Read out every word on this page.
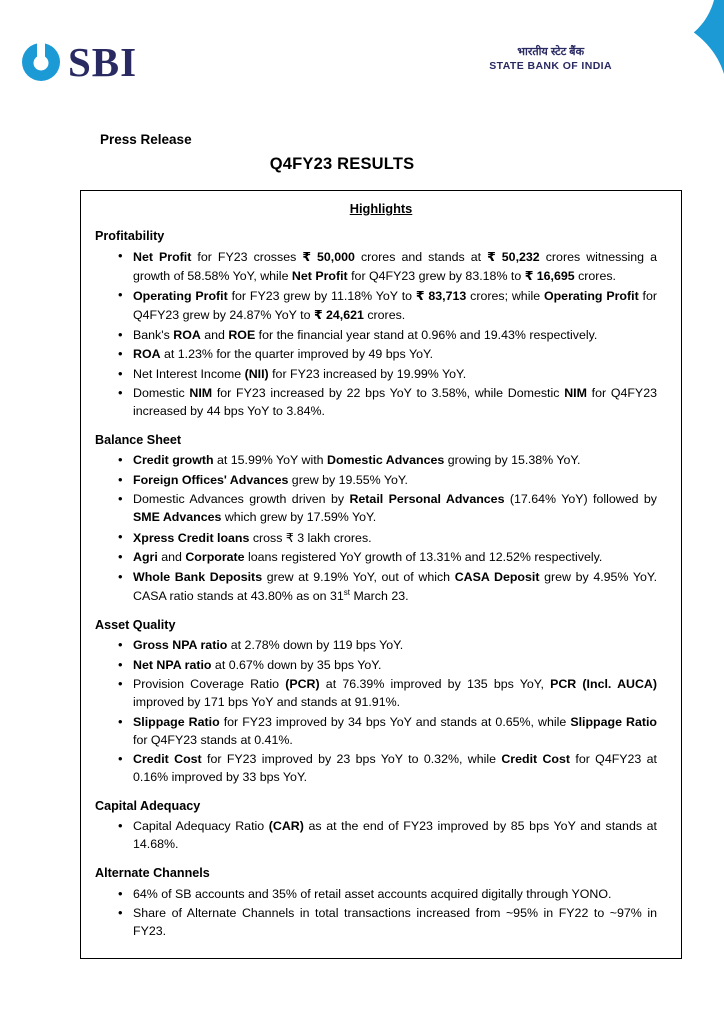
SBI	भारतीय स्टेट बैंक
STATE BANK OF INDIA
Press Release
Q4FY23 RESULTS
Highlights
Profitability
• Net Profit for FY23 crosses ₹ 50,000 crores and stands at ₹ 50,232 crores witnessing a growth of 58.58% YoY, while Net Profit for Q4FY23 grew by 83.18% to ₹ 16,695 crores.
• Operating Profit for FY23 grew by 11.18% YoY to ₹ 83,713 crores; while Operating Profit for Q4FY23 grew by 24.87% YoY to ₹ 24,621 crores.
• Bank's ROA and ROE for the financial year stand at 0.96% and 19.43% respectively.
• ROA at 1.23% for the quarter improved by 49 bps YoY.
• Net Interest Income (NII) for FY23 increased by 19.99% YoY.
• Domestic NIM for FY23 increased by 22 bps YoY to 3.58%, while Domestic NIM for Q4FY23 increased by 44 bps YoY to 3.84%.
Balance Sheet
• Credit growth at 15.99% YoY with Domestic Advances growing by 15.38% YoY.
• Foreign Offices' Advances grew by 19.55% YoY.
• Domestic Advances growth driven by Retail Personal Advances (17.64% YoY) followed by SME Advances which grew by 17.59% YoY.
• Xpress Credit loans cross ₹ 3 lakh crores.
• Agri and Corporate loans registered YoY growth of 13.31% and 12.52% respectively.
• Whole Bank Deposits grew at 9.19% YoY, out of which CASA Deposit grew by 4.95% YoY. CASA ratio stands at 43.80% as on 31st March 23.
Asset Quality
• Gross NPA ratio at 2.78% down by 119 bps YoY.
• Net NPA ratio at 0.67% down by 35 bps YoY.
• Provision Coverage Ratio (PCR) at 76.39% improved by 135 bps YoY, PCR (Incl. AUCA) improved by 171 bps YoY and stands at 91.91%.
• Slippage Ratio for FY23 improved by 34 bps YoY and stands at 0.65%, while Slippage Ratio for Q4FY23 stands at 0.41%.
• Credit Cost for FY23 improved by 23 bps YoY to 0.32%, while Credit Cost for Q4FY23 at 0.16% improved by 33 bps YoY.
Capital Adequacy
• Capital Adequacy Ratio (CAR) as at the end of FY23 improved by 85 bps YoY and stands at 14.68%.
Alternate Channels
• 64% of SB accounts and 35% of retail asset accounts acquired digitally through YONO.
• Share of Alternate Channels in total transactions increased from ~95% in FY22 to ~97% in FY23.
